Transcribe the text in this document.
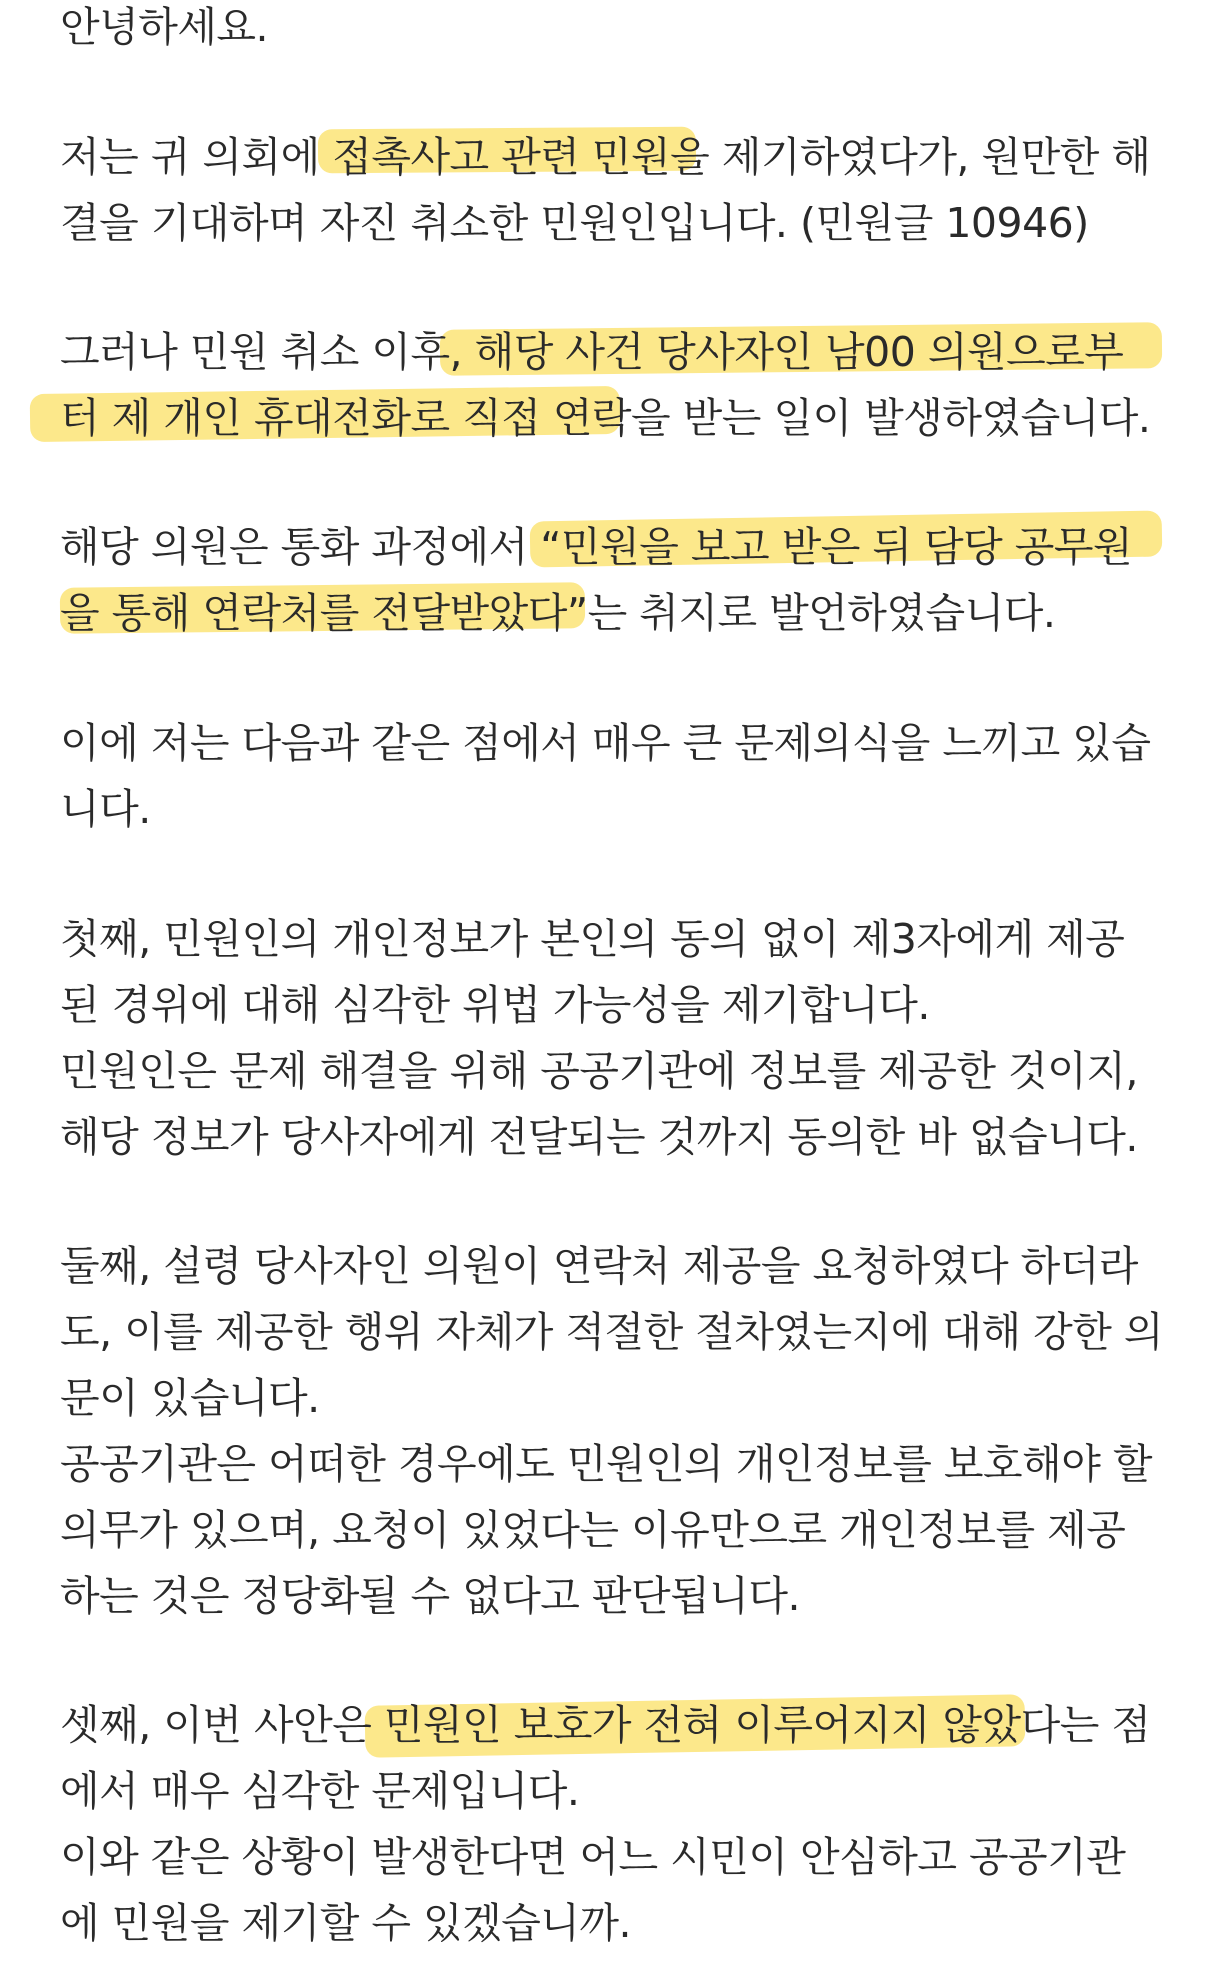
안녕하세요.
저는 귀 의회에 접촉사고 관련 민원을 제기하였다가, 원만한 해
결을 기대하며 자진 취소한 민원인입니다. (민원글 10946)
그러나 민원 취소 이후, 해당 사건 당사자인 남00 의원으로부
터 제 개인 휴대전화로 직접 연락을 받는 일이 발생하였습니다.
해당 의원은 통화 과정에서 “민원을 보고 받은 뒤 담당 공무원
을 통해 연락처를 전달받았다”는 취지로 발언하였습니다.
이에 저는 다음과 같은 점에서 매우 큰 문제의식을 느끼고 있습
니다.
첫째, 민원인의 개인정보가 본인의 동의 없이 제3자에게 제공
된 경위에 대해 심각한 위법 가능성을 제기합니다.
민원인은 문제 해결을 위해 공공기관에 정보를 제공한 것이지,
해당 정보가 당사자에게 전달되는 것까지 동의한 바 없습니다.
둘째, 설령 당사자인 의원이 연락처 제공을 요청하였다 하더라
도, 이를 제공한 행위 자체가 적절한 절차였는지에 대해 강한 의
문이 있습니다.
공공기관은 어떠한 경우에도 민원인의 개인정보를 보호해야 할
의무가 있으며, 요청이 있었다는 이유만으로 개인정보를 제공
하는 것은 정당화될 수 없다고 판단됩니다.
셋째, 이번 사안은 민원인 보호가 전혀 이루어지지 않았다는 점
에서 매우 심각한 문제입니다.
이와 같은 상황이 발생한다면 어느 시민이 안심하고 공공기관
에 민원을 제기할 수 있겠습니까.
